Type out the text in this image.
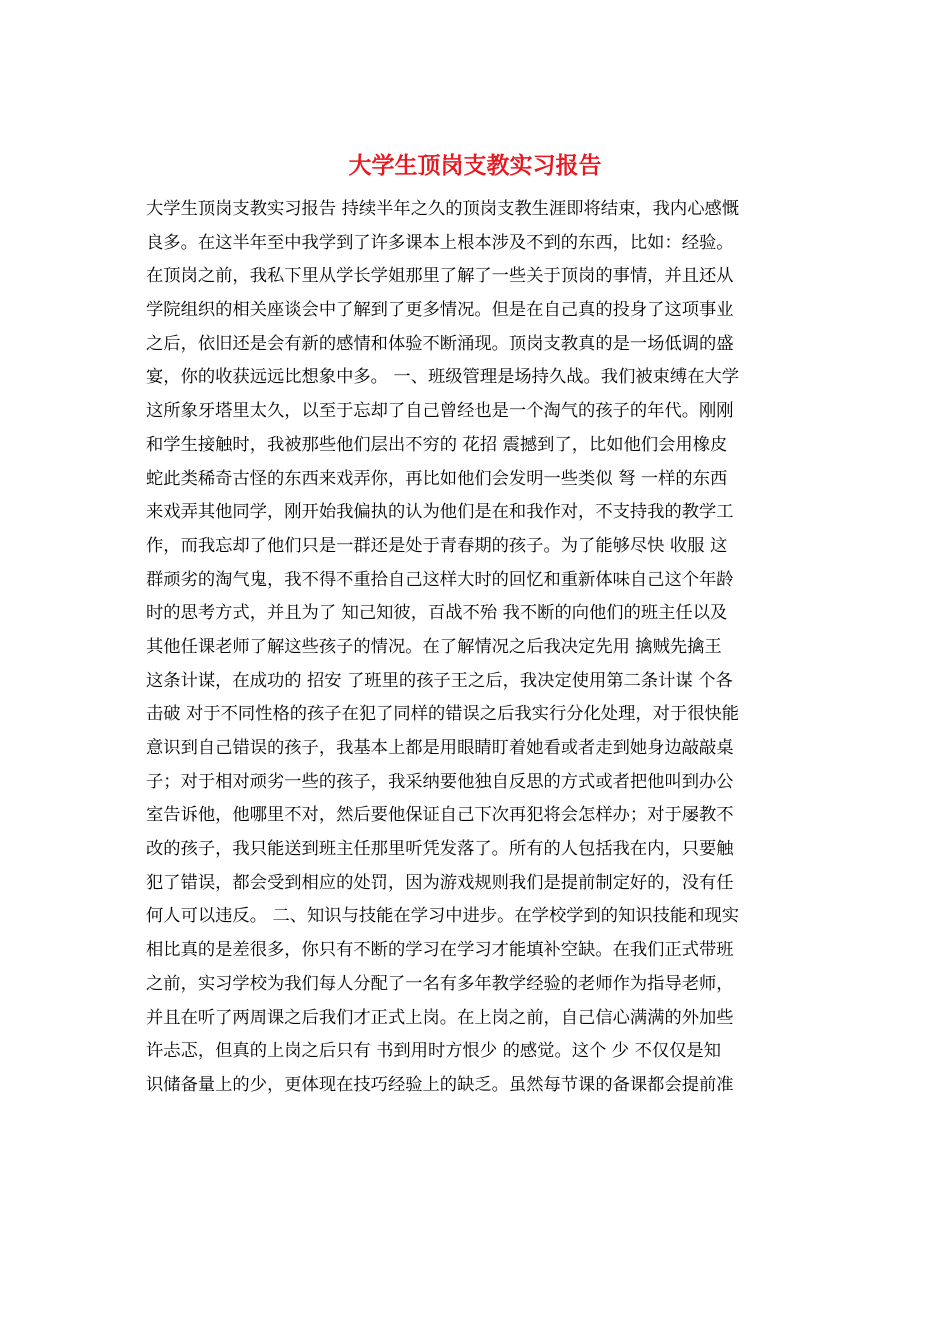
大学生顶岗支教实习报告
大学生顶岗支教实习报告 持续半年之久的顶岗支教生涯即将结束，我内心感慨
良多。在这半年至中我学到了许多课本上根本涉及不到的东西，比如：经验。
在顶岗之前，我私下里从学长学姐那里了解了一些关于顶岗的事情，并且还从
学院组织的相关座谈会中了解到了更多情况。但是在自己真的投身了这项事业
之后，依旧还是会有新的感情和体验不断涌现。顶岗支教真的是一场低调的盛
宴，你的收获远远比想象中多。 一、班级管理是场持久战。我们被束缚在大学
这所象牙塔里太久，以至于忘却了自己曾经也是一个淘气的孩子的年代。刚刚
和学生接触时，我被那些他们层出不穷的 花招 震撼到了，比如他们会用橡皮
蛇此类稀奇古怪的东西来戏弄你，再比如他们会发明一些类似 弩 一样的东西
来戏弄其他同学，刚开始我偏执的认为他们是在和我作对，不支持我的教学工
作，而我忘却了他们只是一群还是处于青春期的孩子。为了能够尽快 收服 这
群顽劣的淘气鬼，我不得不重拾自己这样大时的回忆和重新体味自己这个年龄
时的思考方式，并且为了 知己知彼，百战不殆 我不断的向他们的班主任以及
其他任课老师了解这些孩子的情况。在了解情况之后我决定先用 擒贼先擒王
这条计谋，在成功的 招安 了班里的孩子王之后，我决定使用第二条计谋 个各
击破 对于不同性格的孩子在犯了同样的错误之后我实行分化处理，对于很快能
意识到自己错误的孩子，我基本上都是用眼睛盯着她看或者走到她身边敲敲桌
子；对于相对顽劣一些的孩子，我采纳要他独自反思的方式或者把他叫到办公
室告诉他，他哪里不对，然后要他保证自己下次再犯将会怎样办；对于屡教不
改的孩子，我只能送到班主任那里听凭发落了。所有的人包括我在内，只要触
犯了错误，都会受到相应的处罚，因为游戏规则我们是提前制定好的，没有任
何人可以违反。 二、知识与技能在学习中进步。在学校学到的知识技能和现实
相比真的是差很多，你只有不断的学习在学习才能填补空缺。在我们正式带班
之前，实习学校为我们每人分配了一名有多年教学经验的老师作为指导老师，
并且在听了两周课之后我们才正式上岗。在上岗之前，自己信心满满的外加些
许忐忑，但真的上岗之后只有 书到用时方恨少 的感觉。这个 少 不仅仅是知
识储备量上的少，更体现在技巧经验上的缺乏。虽然每节课的备课都会提前准
